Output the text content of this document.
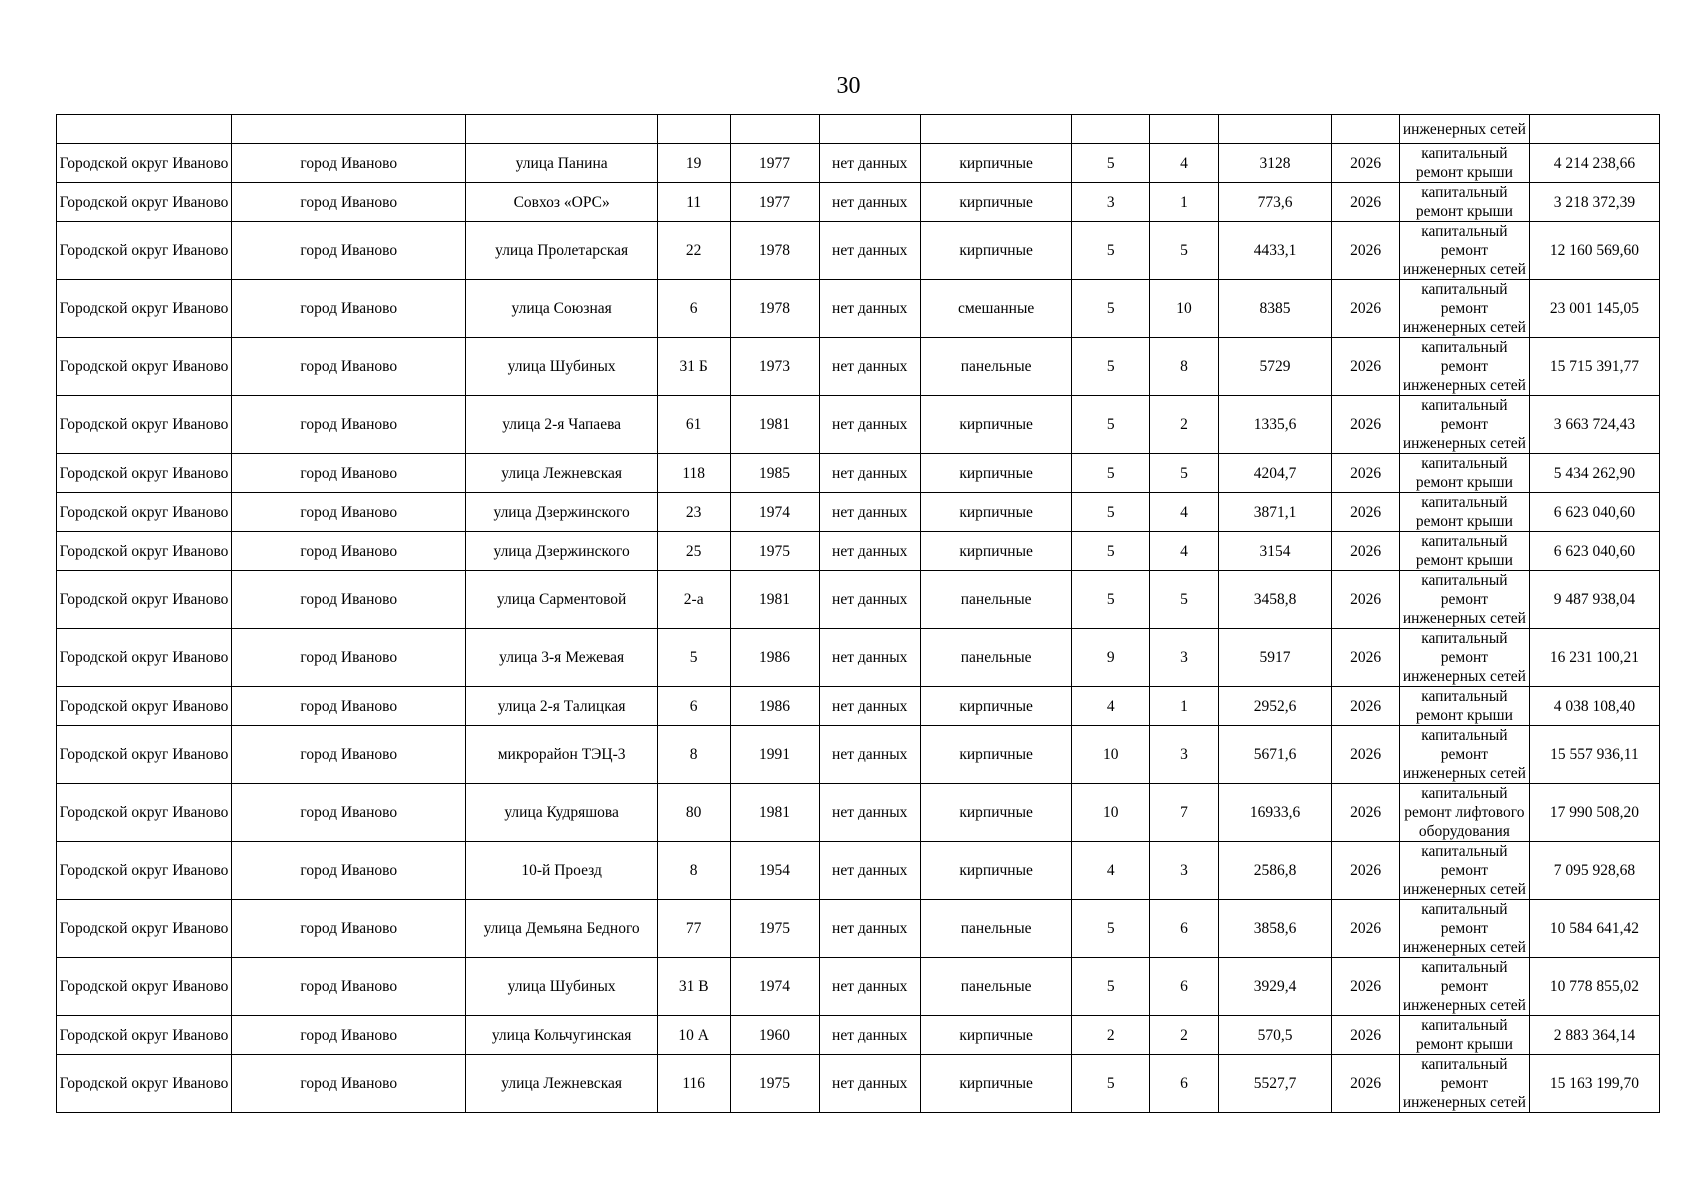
30
											инженерных сетей	
Городской округ Иваново	город Иваново	улица Панина	19	1977	нет данных	кирпичные	5	4	3128	2026	капитальный ремонт крыши	4 214 238,66
Городской округ Иваново	город Иваново	Совхоз «ОРС»	11	1977	нет данных	кирпичные	3	1	773,6	2026	капитальный ремонт крыши	3 218 372,39
Городской округ Иваново	город Иваново	улица Пролетарская	22	1978	нет данных	кирпичные	5	5	4433,1	2026	капитальный ремонт инженерных сетей	12 160 569,60
Городской округ Иваново	город Иваново	улица Союзная	6	1978	нет данных	смешанные	5	10	8385	2026	капитальный ремонт инженерных сетей	23 001 145,05
Городской округ Иваново	город Иваново	улица Шубиных	31 Б	1973	нет данных	панельные	5	8	5729	2026	капитальный ремонт инженерных сетей	15 715 391,77
Городской округ Иваново	город Иваново	улица 2-я Чапаева	61	1981	нет данных	кирпичные	5	2	1335,6	2026	капитальный ремонт инженерных сетей	3 663 724,43
Городской округ Иваново	город Иваново	улица Лежневская	118	1985	нет данных	кирпичные	5	5	4204,7	2026	капитальный ремонт крыши	5 434 262,90
Городской округ Иваново	город Иваново	улица Дзержинского	23	1974	нет данных	кирпичные	5	4	3871,1	2026	капитальный ремонт крыши	6 623 040,60
Городской округ Иваново	город Иваново	улица Дзержинского	25	1975	нет данных	кирпичные	5	4	3154	2026	капитальный ремонт крыши	6 623 040,60
Городской округ Иваново	город Иваново	улица Сарментовой	2-а	1981	нет данных	панельные	5	5	3458,8	2026	капитальный ремонт инженерных сетей	9 487 938,04
Городской округ Иваново	город Иваново	улица 3-я Межевая	5	1986	нет данных	панельные	9	3	5917	2026	капитальный ремонт инженерных сетей	16 231 100,21
Городской округ Иваново	город Иваново	улица 2-я Талицкая	6	1986	нет данных	кирпичные	4	1	2952,6	2026	капитальный ремонт крыши	4 038 108,40
Городской округ Иваново	город Иваново	микрорайон ТЭЦ-3	8	1991	нет данных	кирпичные	10	3	5671,6	2026	капитальный ремонт инженерных сетей	15 557 936,11
Городской округ Иваново	город Иваново	улица Кудряшова	80	1981	нет данных	кирпичные	10	7	16933,6	2026	капитальный ремонт лифтового оборудования	17 990 508,20
Городской округ Иваново	город Иваново	10-й Проезд	8	1954	нет данных	кирпичные	4	3	2586,8	2026	капитальный ремонт инженерных сетей	7 095 928,68
Городской округ Иваново	город Иваново	улица Демьяна Бедного	77	1975	нет данных	панельные	5	6	3858,6	2026	капитальный ремонт инженерных сетей	10 584 641,42
Городской округ Иваново	город Иваново	улица Шубиных	31 В	1974	нет данных	панельные	5	6	3929,4	2026	капитальный ремонт инженерных сетей	10 778 855,02
Городской округ Иваново	город Иваново	улица Кольчугинская	10 А	1960	нет данных	кирпичные	2	2	570,5	2026	капитальный ремонт крыши	2 883 364,14
Городской округ Иваново	город Иваново	улица Лежневская	116	1975	нет данных	кирпичные	5	6	5527,7	2026	капитальный ремонт инженерных сетей	15 163 199,70
